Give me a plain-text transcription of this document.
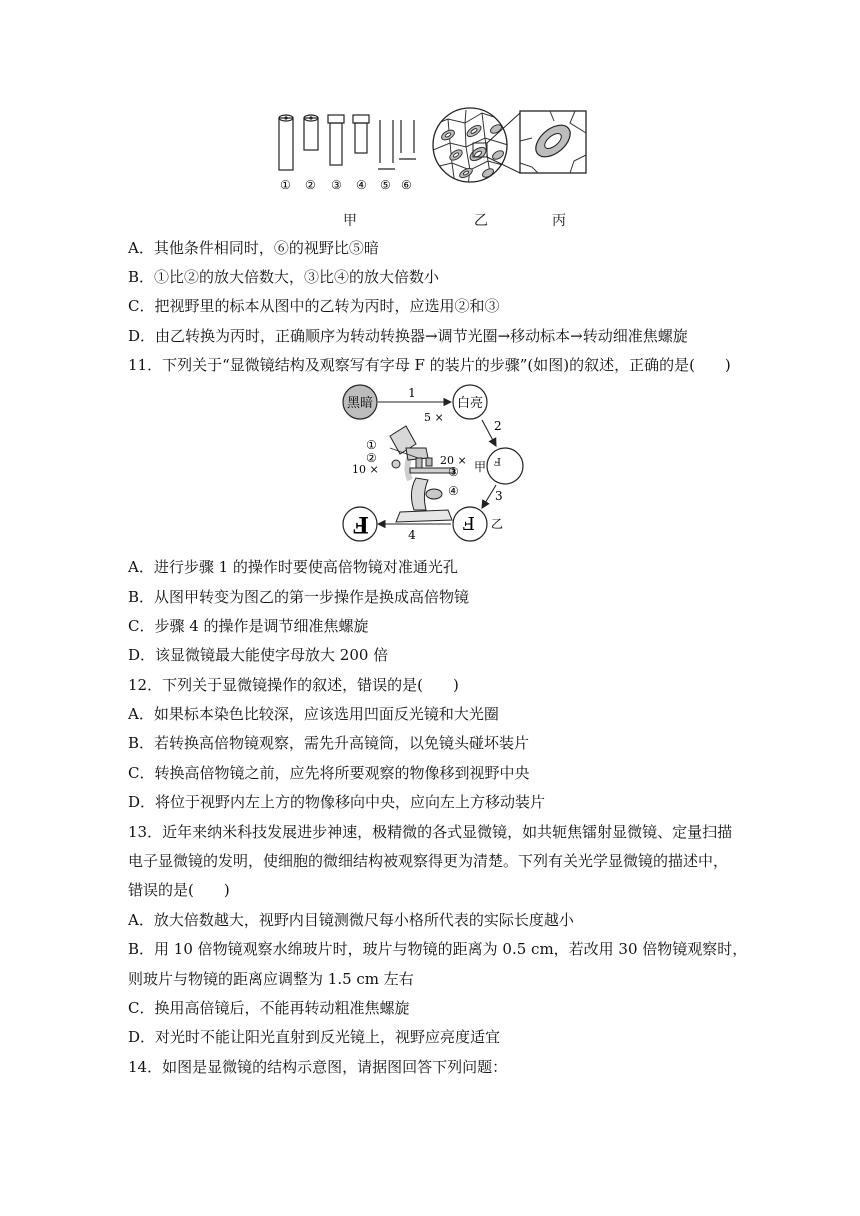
① ② ③ ④ ⑤ ⑥
甲	乙	丙
A．其他条件相同时，⑥的视野比⑤暗
B．①比②的放大倍数大，③比④的放大倍数小
C．把视野里的标本从图中的乙转为丙时，应选用②和③
D．由乙转换为丙时，正确顺序为转动转换器→调节光圈→移动标本→转动细准焦螺旋
11．下列关于“显微镜结构及观察写有字母 F 的装片的步骤”(如图)的叙述，正确的是(　　)
黑暗	白亮
1
2
F
甲
3
F 乙
4
F
5 ×
20 ×
10 ×
①
②
③
④
A．进行步骤 1 的操作时要使高倍物镜对准通光孔
B．从图甲转变为图乙的第一步操作是换成高倍物镜
C．步骤 4 的操作是调节细准焦螺旋
D．该显微镜最大能使字母放大 200 倍
12．下列关于显微镜操作的叙述，错误的是(　　)
A．如果标本染色比较深，应该选用凹面反光镜和大光圈
B．若转换高倍物镜观察，需先升高镜筒，以免镜头碰坏装片
C．转换高倍物镜之前，应先将所要观察的物像移到视野中央
D．将位于视野内左上方的物像移向中央，应向左上方移动装片
13．近年来纳米科技发展进步神速，极精微的各式显微镜，如共轭焦镭射显微镜、定量扫描
电子显微镜的发明，使细胞的微细结构被观察得更为清楚。下列有关光学显微镜的描述中，
错误的是(　　)
A．放大倍数越大，视野内目镜测微尺每小格所代表的实际长度越小
B．用 10 倍物镜观察水绵玻片时，玻片与物镜的距离为 0.5 cm，若改用 30 倍物镜观察时，
则玻片与物镜的距离应调整为 1.5 cm 左右
C．换用高倍镜后，不能再转动粗准焦螺旋
D．对光时不能让阳光直射到反光镜上，视野应亮度适宜
14．如图是显微镜的结构示意图，请据图回答下列问题：
